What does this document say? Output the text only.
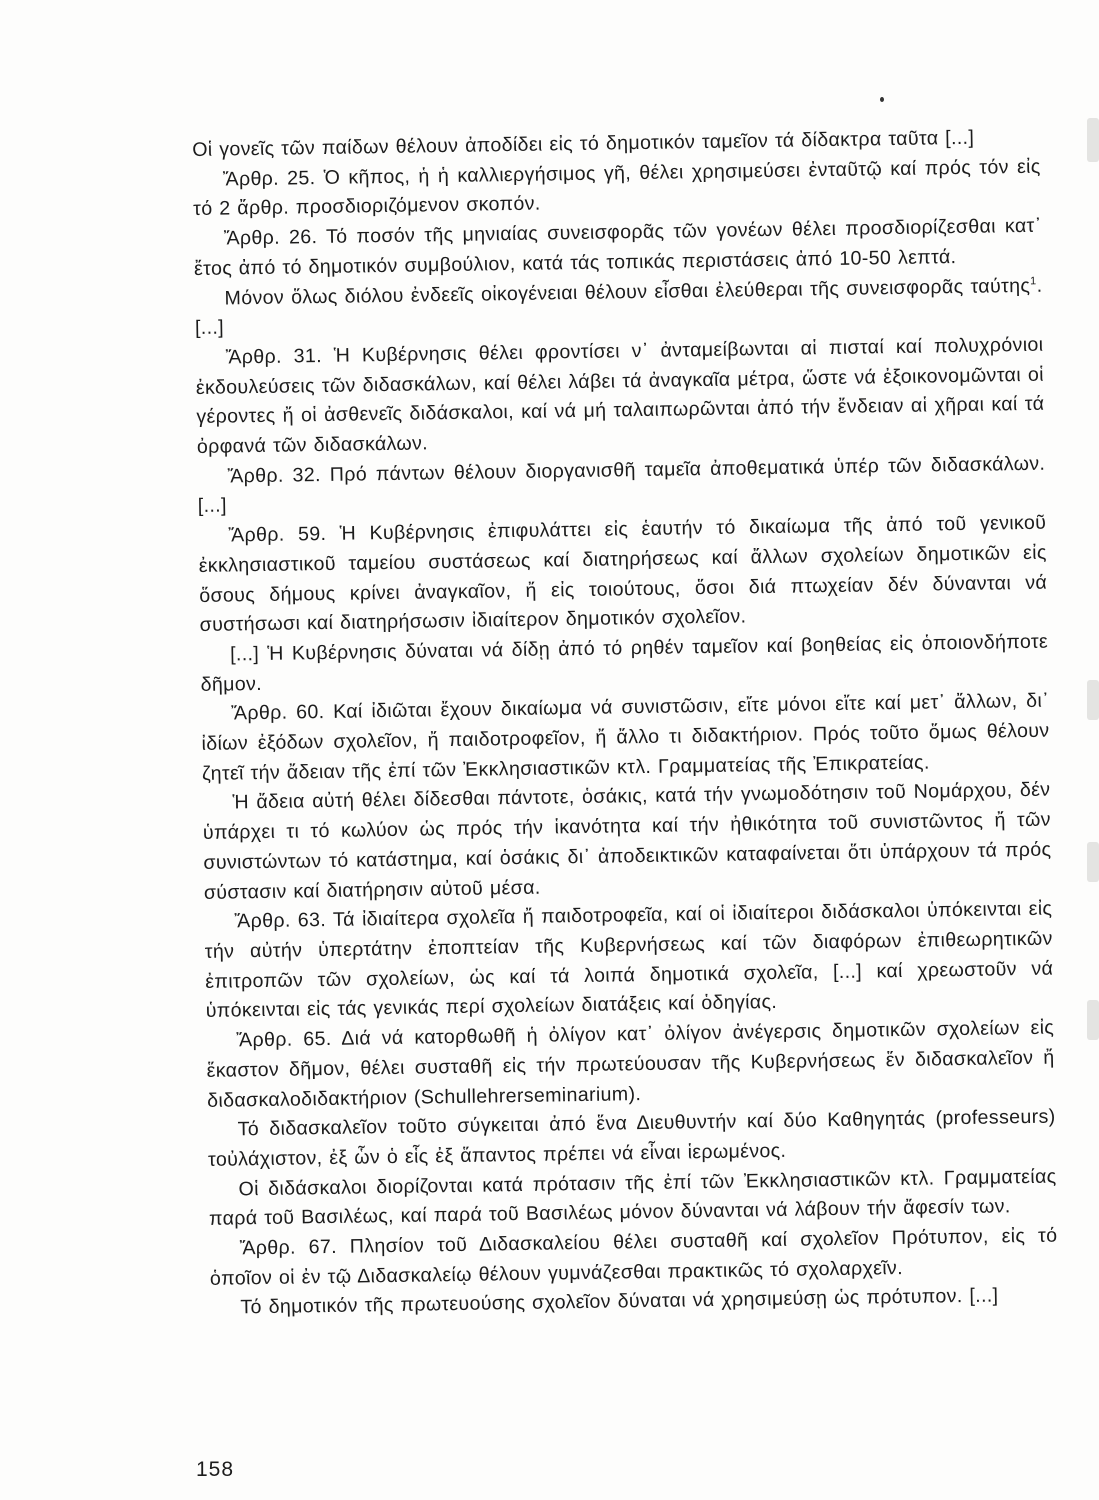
Οἱ γονεῖς τῶν παίδων θέλουν ἀποδίδει εἰς τό δημοτικόν ταμεῖον τά δίδακτρα ταῦτα [...]

Ἄρθρ. 25. Ὁ κῆπος, ἡ ἡ καλλιεργήσιμος γῆ, θέλει χρησιμεύσει ἐνταῦτῷ καί πρός τόν εἰς τό 2 ἄρθρ. προσδιοριζόμενον σκοπόν.

Ἄρθρ. 26. Τό ποσόν τῆς μηνιαίας συνεισφορᾶς τῶν γονέων θέλει προσδιορίζεσθαι κατ᾽ ἔτος ἀπό τό δημοτικόν συμβούλιον, κατά τάς τοπικάς περιστάσεις ἀπό 10-50 λεπτά.

Μόνον ὅλως διόλου ἐνδεεῖς οἰκογένειαι θέλουν εἶσθαι ἐλεύθεραι τῆς συνεισφορᾶς ταύτης$^1$. [...]

Ἄρθρ. 31. Ἡ Κυβέρνησις θέλει φροντίσει ν᾽ ἀνταμείβωνται αἱ πισταί καί πολυχρόνιοι ἐκδουλεύσεις τῶν διδασκάλων, καί θέλει λάβει τά ἀναγκαῖα μέτρα, ὥστε νά ἐξοικονομῶνται οἱ γέροντες ἤ οἱ ἀσθενεῖς διδάσκαλοι, καί νά μή ταλαιπωρῶνται ἀπό τήν ἔνδειαν αἱ χῆραι καί τά ὀρφανά τῶν διδασκάλων.

Ἄρθρ. 32. Πρό πάντων θέλουν διοργανισθῆ ταμεῖα ἀποθεματικά ὑπέρ τῶν διδασκάλων. [...]

Ἄρθρ. 59. Ἡ Κυβέρνησις ἐπιφυλάττει εἰς ἑαυτήν τό δικαίωμα τῆς ἀπό τοῦ γενικοῦ ἐκκλησιαστικοῦ ταμείου συστάσεως καί διατηρήσεως καί ἄλλων σχολείων δημοτικῶν εἰς ὅσους δήμους κρίνει ἀναγκαῖον, ἤ εἰς τοιούτους, ὅσοι διά πτωχείαν δέν δύνανται νά συστήσωσι καί διατηρήσωσιν ἰδιαίτερον δημοτικόν σχολεῖον.

[...] Ἡ Κυβέρνησις δύναται νά δίδῃ ἀπό τό ρηθέν ταμεῖον καί βοηθείας εἰς ὁποιονδήποτε δῆμον.

Ἄρθρ. 60. Καί ἰδιῶται ἔχουν δικαίωμα νά συνιστῶσιν, εἴτε μόνοι εἴτε καί μετ᾽ ἄλλων, δι᾽ ἰδίων ἐξόδων σχολεῖον, ἤ παιδοτροφεῖον, ἤ ἄλλο τι διδακτήριον. Πρός τοῦτο ὅμως θέλουν ζητεῖ τήν ἄδειαν τῆς ἐπί τῶν Ἐκκλησιαστικῶν κτλ. Γραμματείας τῆς Ἐπικρατείας.

Ἡ ἄδεια αὐτή θέλει δίδεσθαι πάντοτε, ὁσάκις, κατά τήν γνωμοδότησιν τοῦ Νομάρχου, δέν ὑπάρχει τι τό κωλύον ὡς πρός τήν ἱκανότητα καί τήν ἠθικότητα τοῦ συνιστῶντος ἤ τῶν συνιστώντων τό κατάστημα, καί ὁσάκις δι᾽ ἀποδεικτικῶν καταφαίνεται ὅτι ὑπάρχουν τά πρός σύστασιν καί διατήρησιν αὐτοῦ μέσα.

Ἄρθρ. 63. Τά ἰδιαίτερα σχολεῖα ἤ παιδοτροφεῖα, καί οἱ ἰδιαίτεροι διδάσκαλοι ὑπόκεινται εἰς τήν αὐτήν ὑπερτάτην ἐποπτείαν τῆς Κυβερνήσεως καί τῶν διαφόρων ἐπιθεωρητικῶν ἐπιτροπῶν τῶν σχολείων, ὡς καί τά λοιπά δημοτικά σχολεῖα, [...] καί χρεωστοῦν νά ὑπόκεινται εἰς τάς γενικάς περί σχολείων διατάξεις καί ὁδηγίας.

Ἄρθρ. 65. Διά νά κατορθωθῆ ἡ ὀλίγον κατ᾽ ὀλίγον ἀνέγερσις δημοτικῶν σχολείων εἰς ἕκαστον δῆμον, θέλει συσταθῆ εἰς τήν πρωτεύουσαν τῆς Κυβερνήσεως ἕν διδασκαλεῖον ἤ διδασκαλοδιδακτήριον (Schullehrerseminarium).

Τό διδασκαλεῖον τοῦτο σύγκειται ἀπό ἕνα Διευθυντήν καί δύο Καθηγητάς (professeurs) τοὐλάχιστον, ἐξ ὧν ὁ εἷς ἐξ ἅπαντος πρέπει νά εἶναι ἱερωμένος.

Οἱ διδάσκαλοι διορίζονται κατά πρότασιν τῆς ἐπί τῶν Ἐκκλησιαστικῶν κτλ. Γραμματείας παρά τοῦ Βασιλέως, καί παρά τοῦ Βασιλέως μόνον δύνανται νά λάβουν τήν ἄφεσίν των.

Ἄρθρ. 67. Πλησίον τοῦ Διδασκαλείου θέλει συσταθῆ καί σχολεῖον Πρότυπον, εἰς τό ὁποῖον οἱ ἐν τῷ Διδασκαλείῳ θέλουν γυμνάζεσθαι πρακτικῶς τό σχολαρχεῖν.

Τό δημοτικόν τῆς πρωτευούσης σχολεῖον δύναται νά χρησιμεύσῃ ὡς πρότυπον. [...]

158
